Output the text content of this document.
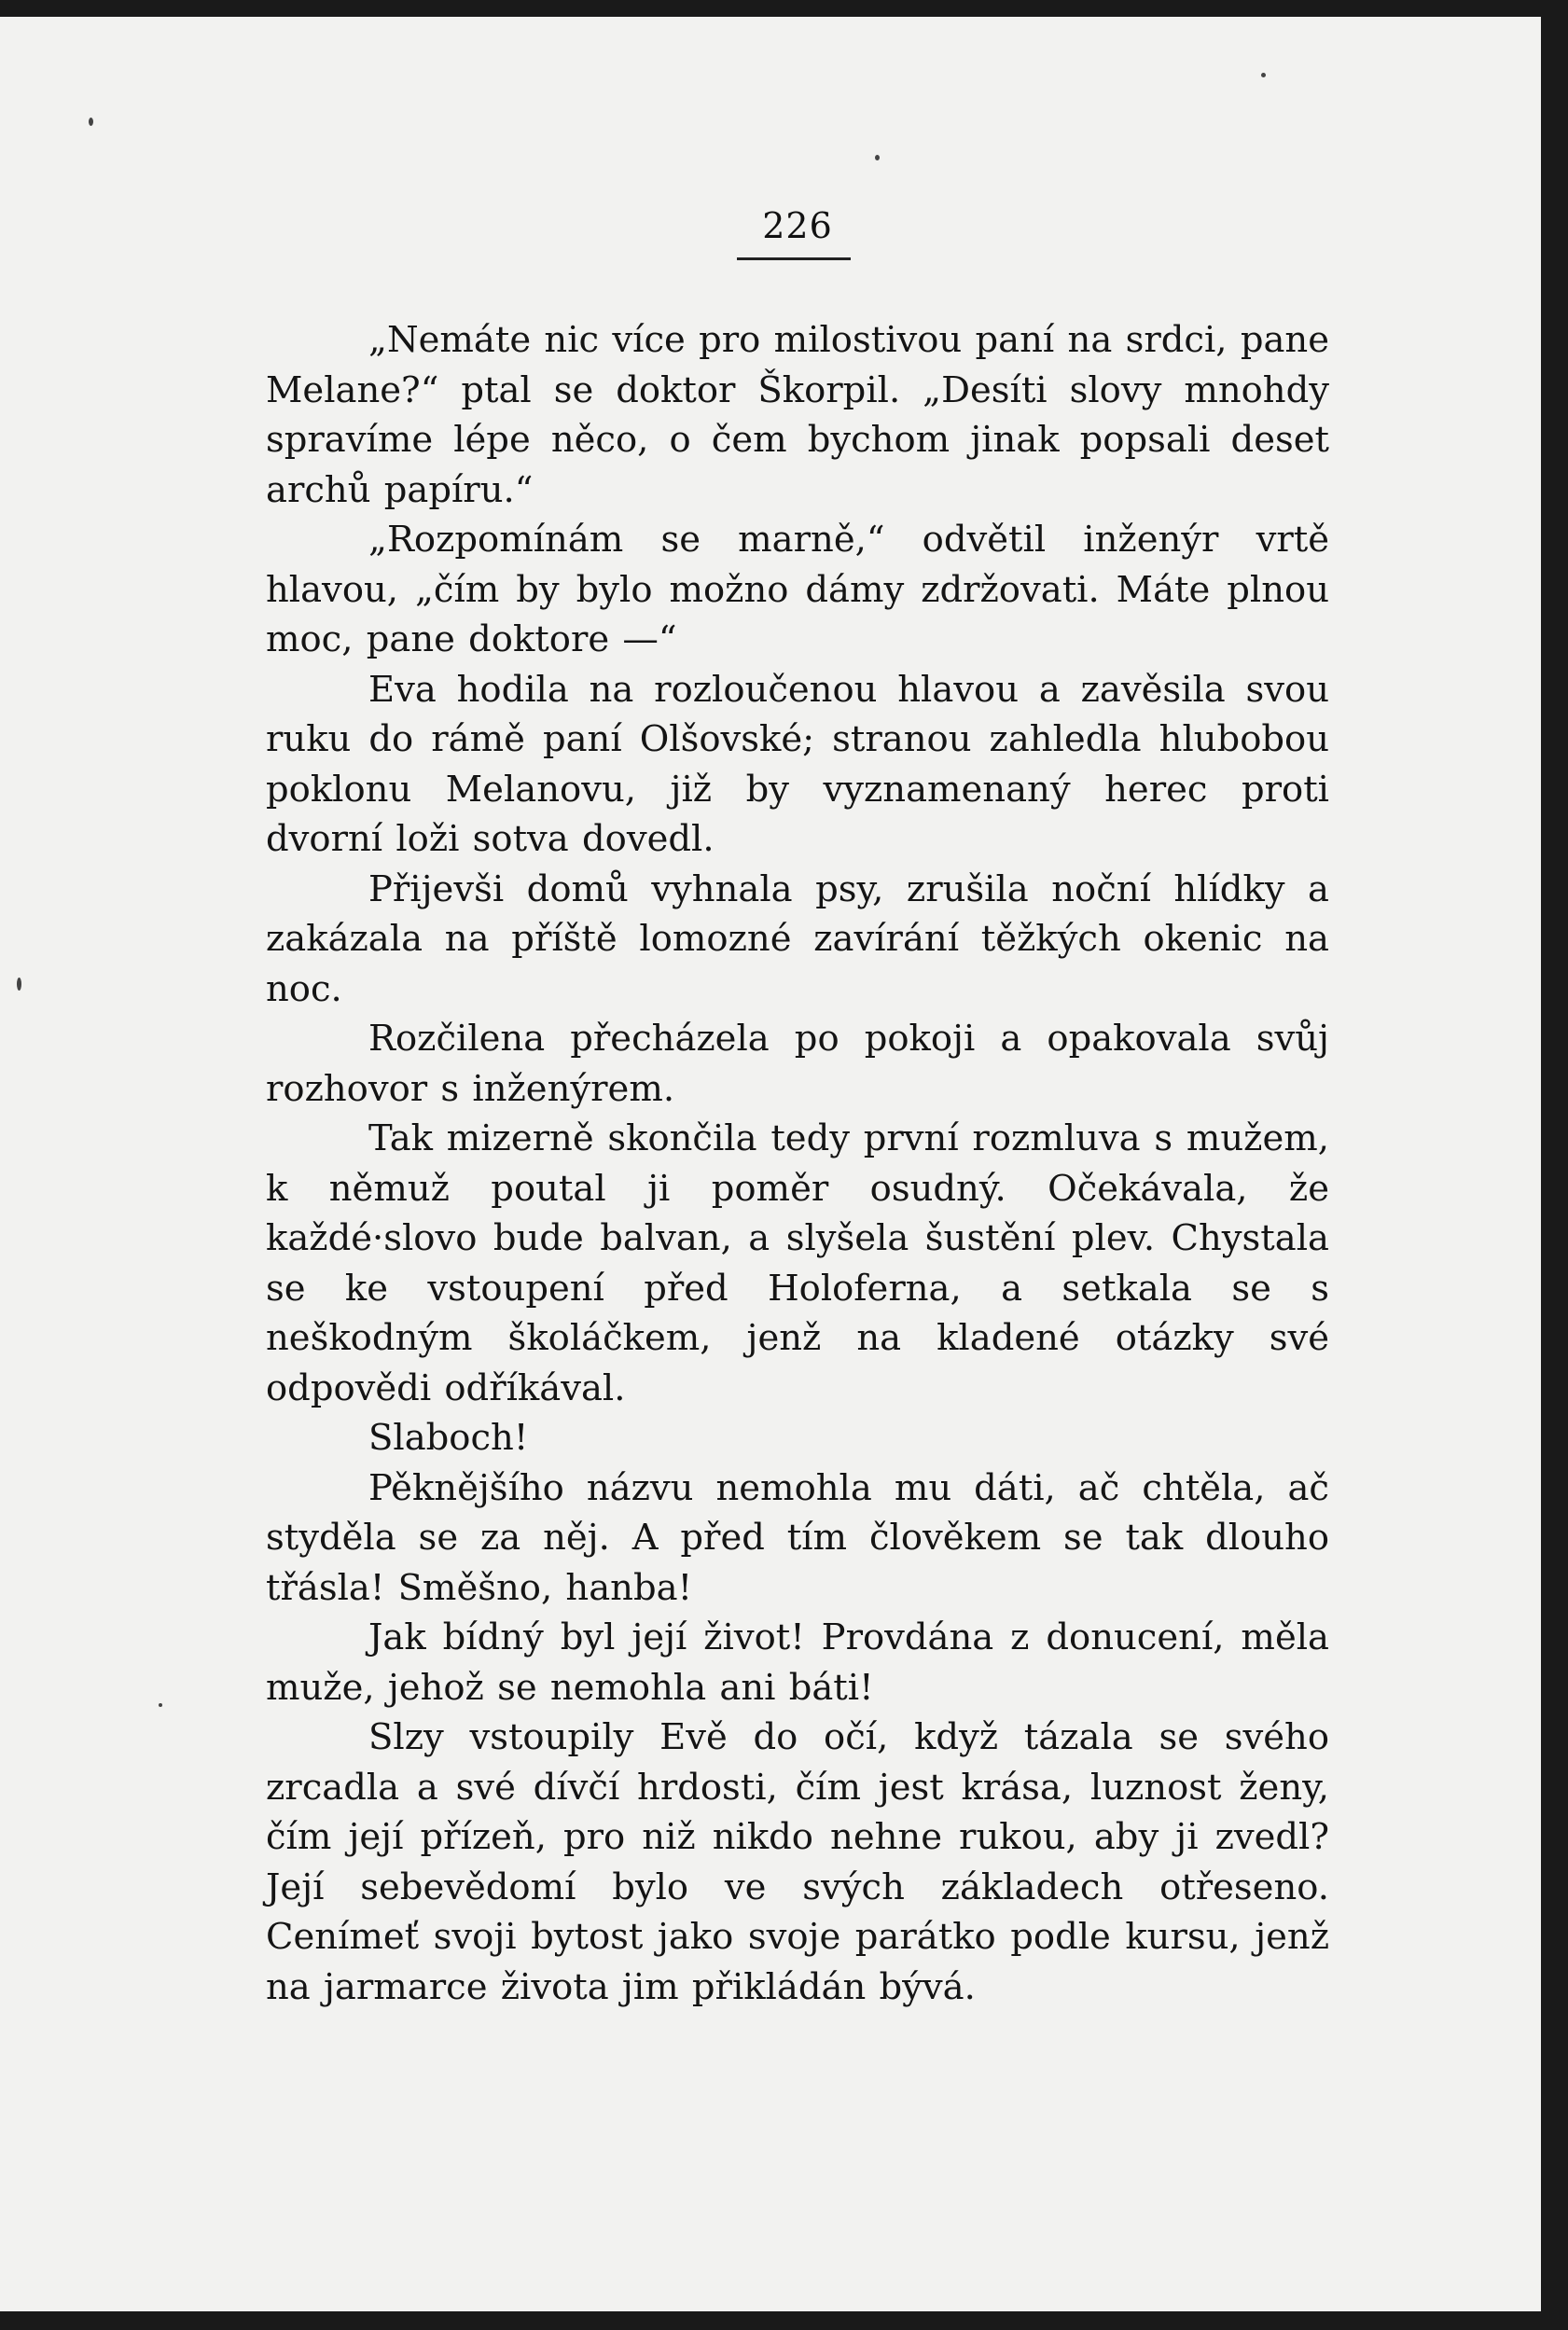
226

„Nemáte nic více pro milostivou paní na srdci, pane Melane?“ ptal se doktor Škorpil. „Desíti slovy mnohdy spravíme lépe něco, o čem bychom jinak popsali deset archů papíru.“

„Rozpomínám se marně,“ odvětil inženýr vrtě hlavou, „čím by bylo možno dámy zdržovati. Máte plnou moc, pane doktore —“

Eva hodila na rozloučenou hlavou a zavěsila svou ruku do rámě paní Olšovské; stranou zahledla hlubobou poklonu Melanovu, již by vyznamenaný herec proti dvorní loži sotva dovedl.

Přijevši domů vyhnala psy, zrušila noční hlídky a zakázala na příště lomozné zavírání těžkých okenic na noc.

Rozčilena přecházela po pokoji a opakovala svůj rozhovor s inženýrem.

Tak mizerně skončila tedy první rozmluva s mužem, k němuž poutal ji poměr osudný. Očekávala, že každé·slovo bude balvan, a slyšela šustění plev. Chystala se ke vstoupení před Holoferna, a setkala se s neškodným školáčkem, jenž na kladené otázky své odpovědi odříkával.

Slaboch!

Pěknějšího názvu nemohla mu dáti, ač chtěla, ač styděla se za něj. A před tím člověkem se tak dlouho třásla! Směšno, hanba!

Jak bídný byl její život! Provdána z donucení, měla muže, jehož se nemohla ani báti!

Slzy vstoupily Evě do očí, když tázala se svého zrcadla a své dívčí hrdosti, čím jest krása, luznost ženy, čím její přízeň, pro niž nikdo nehne rukou, aby ji zvedl? Její sebevědomí bylo ve svých základech otřeseno. Cenímeť svoji bytost jako svoje parátko podle kursu, jenž na jarmarce života jim přikládán bývá.
